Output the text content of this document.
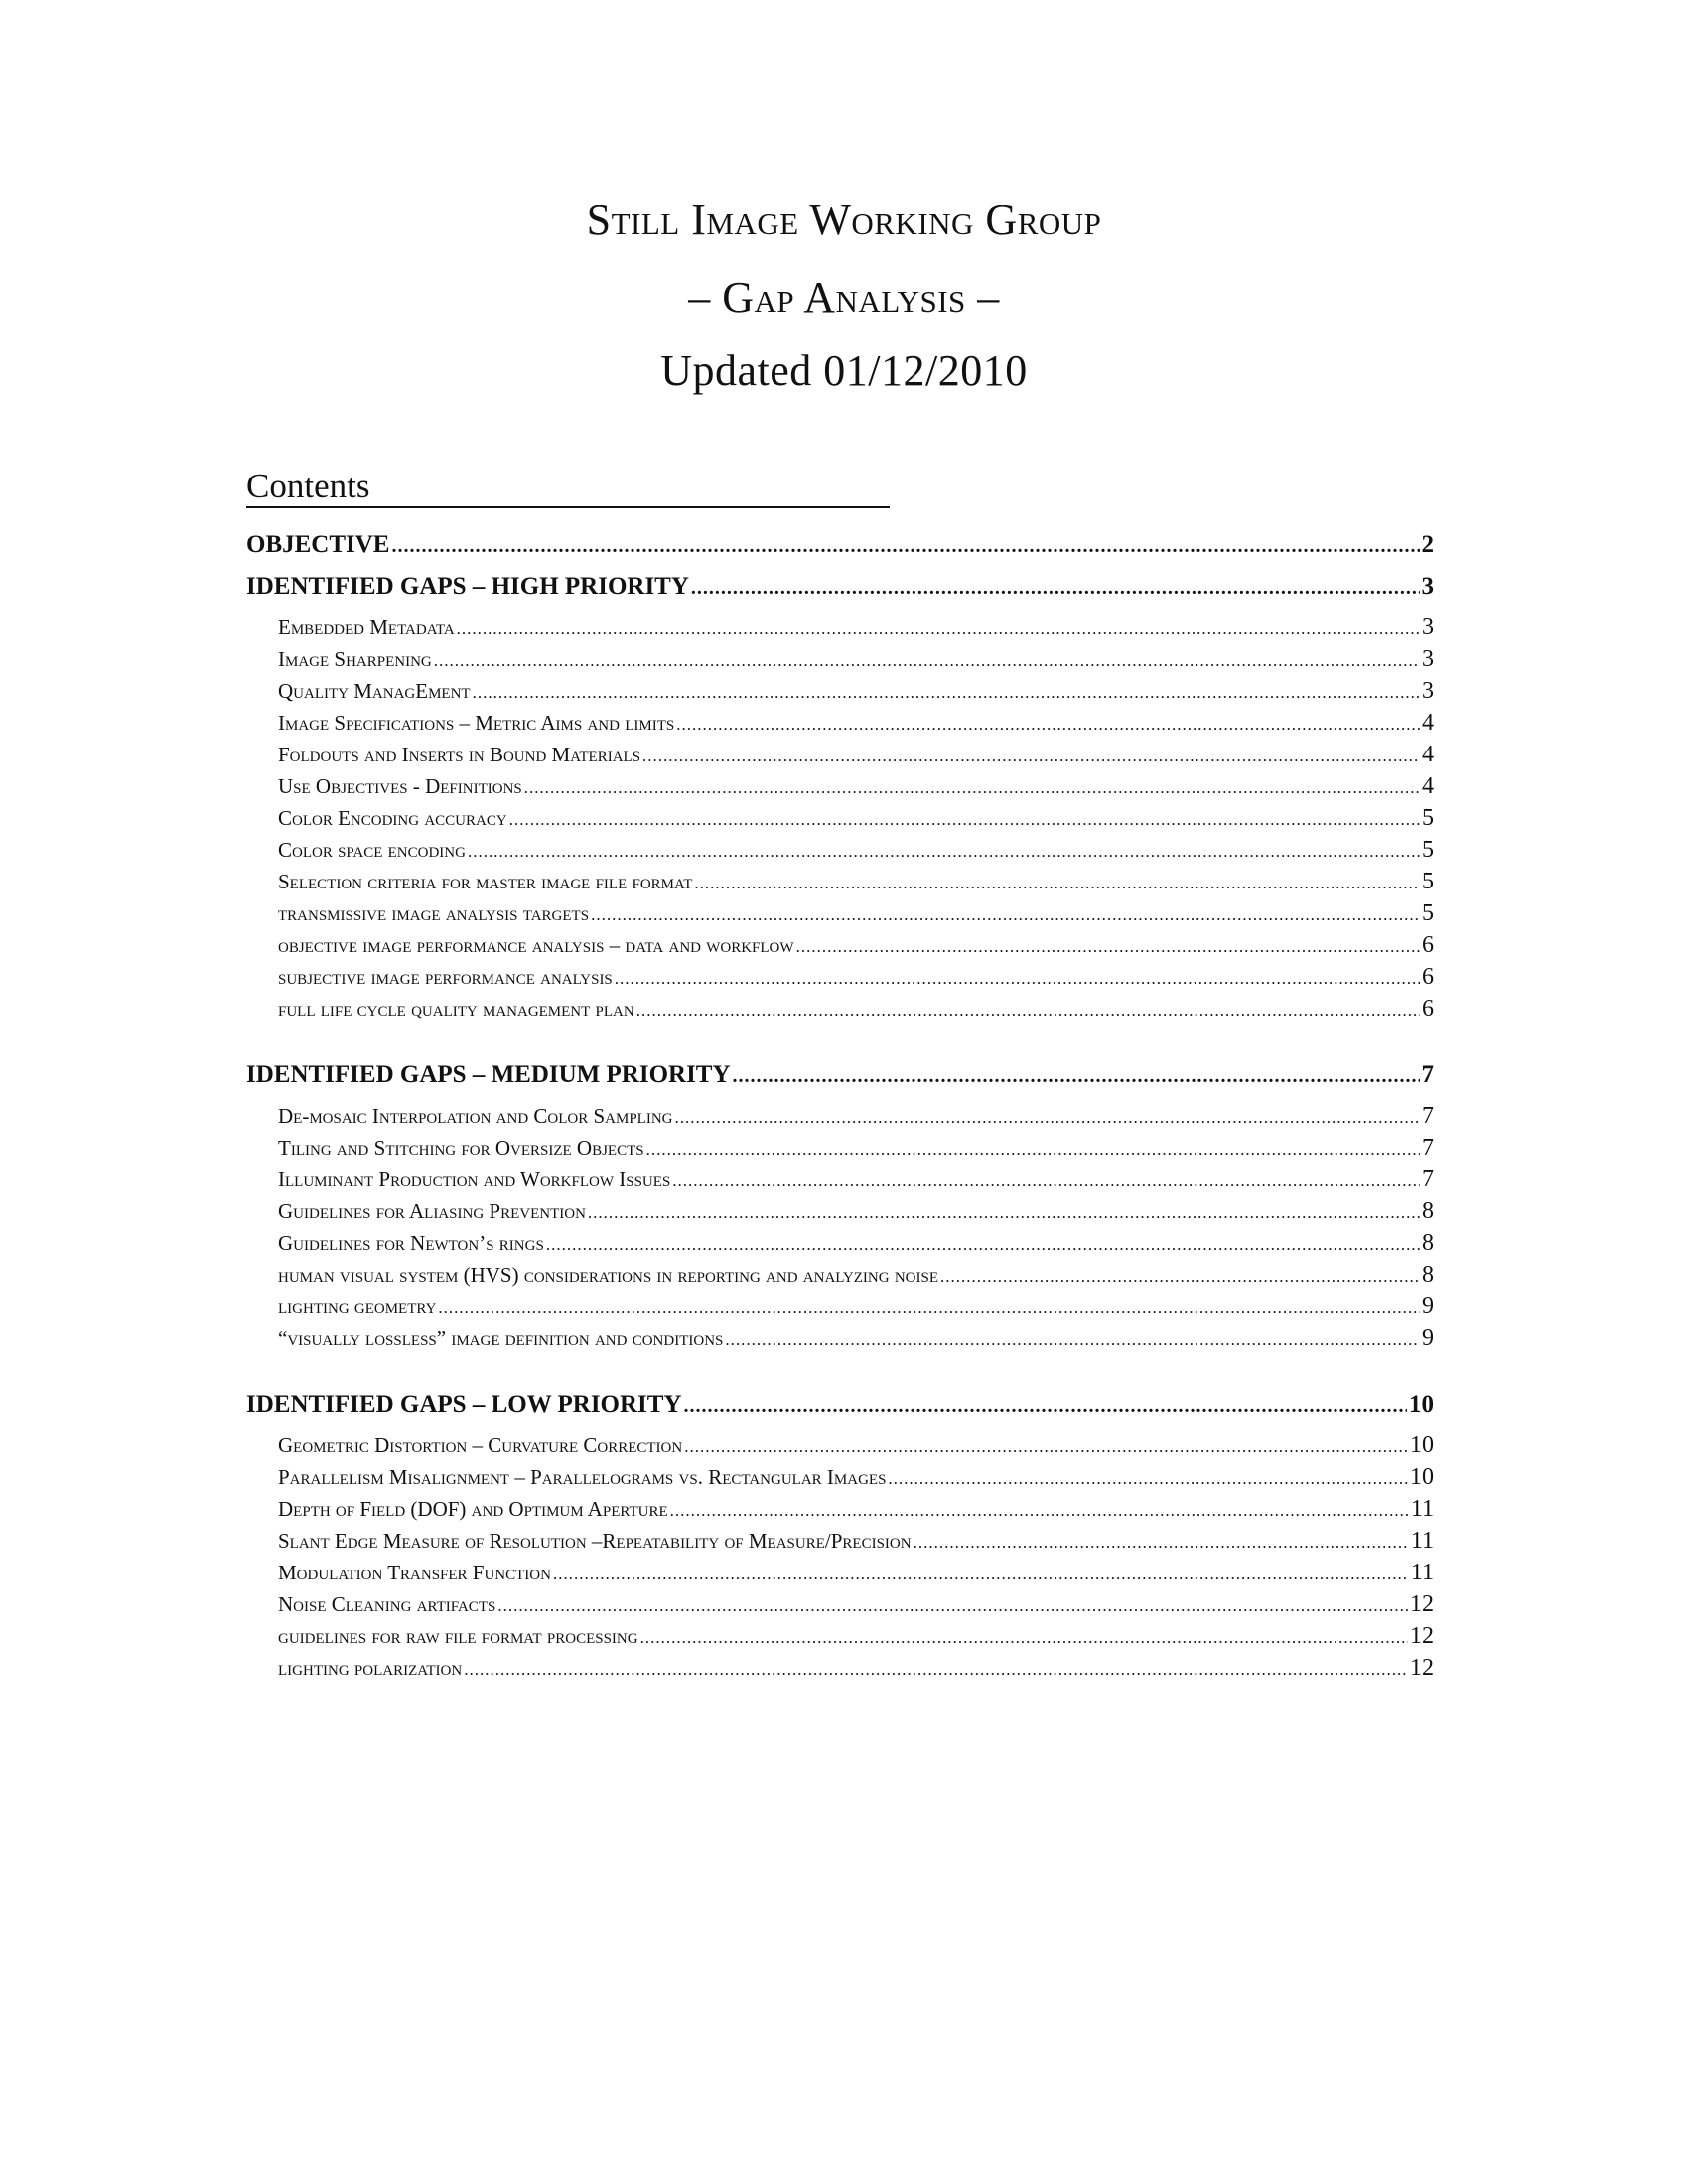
Still Image Working Group
– Gap Analysis –
Updated 01/12/2010
Contents
OBJECTIVE .....	2
IDENTIFIED GAPS – HIGH PRIORITY .....	3
Embedded Metadata .....	3
Image Sharpening .....	3
Quality ManagEment .....	3
Image Specifications – Metric Aims and limits .....	4
Foldouts and Inserts in Bound Materials .....	4
Use Objectives - Definitions .....	4
Color Encoding accuracy .....	5
Color space encoding .....	5
Selection criteria for master image file format .....	5
transmissive image analysis targets .....	5
objective image performance analysis – data and workflow .....	6
subjective image performance analysis .....	6
full life cycle quality management plan .....	6
IDENTIFIED GAPS – MEDIUM PRIORITY .....	7
De-mosaic Interpolation and Color Sampling .....	7
Tiling and Stitching for Oversize Objects .....	7
Illuminant Production and Workflow Issues .....	7
Guidelines for Aliasing Prevention .....	8
Guidelines for Newton’s rings .....	8
human visual system (HVS) considerations in reporting and analyzing noise .....	8
lighting geometry .....	9
“visually lossless” image definition and conditions .....	9
IDENTIFIED GAPS – LOW PRIORITY .....	10
Geometric Distortion – Curvature Correction .....	10
Parallelism Misalignment – Parallelograms vs. Rectangular Images .....	10
Depth of Field (DOF) and Optimum Aperture .....	11
Slant Edge Measure of Resolution –Repeatability of Measure/Precision .....	11
Modulation Transfer Function .....	11
Noise Cleaning artifacts .....	12
guidelines for raw file format processing .....	12
lighting polarization .....	12
